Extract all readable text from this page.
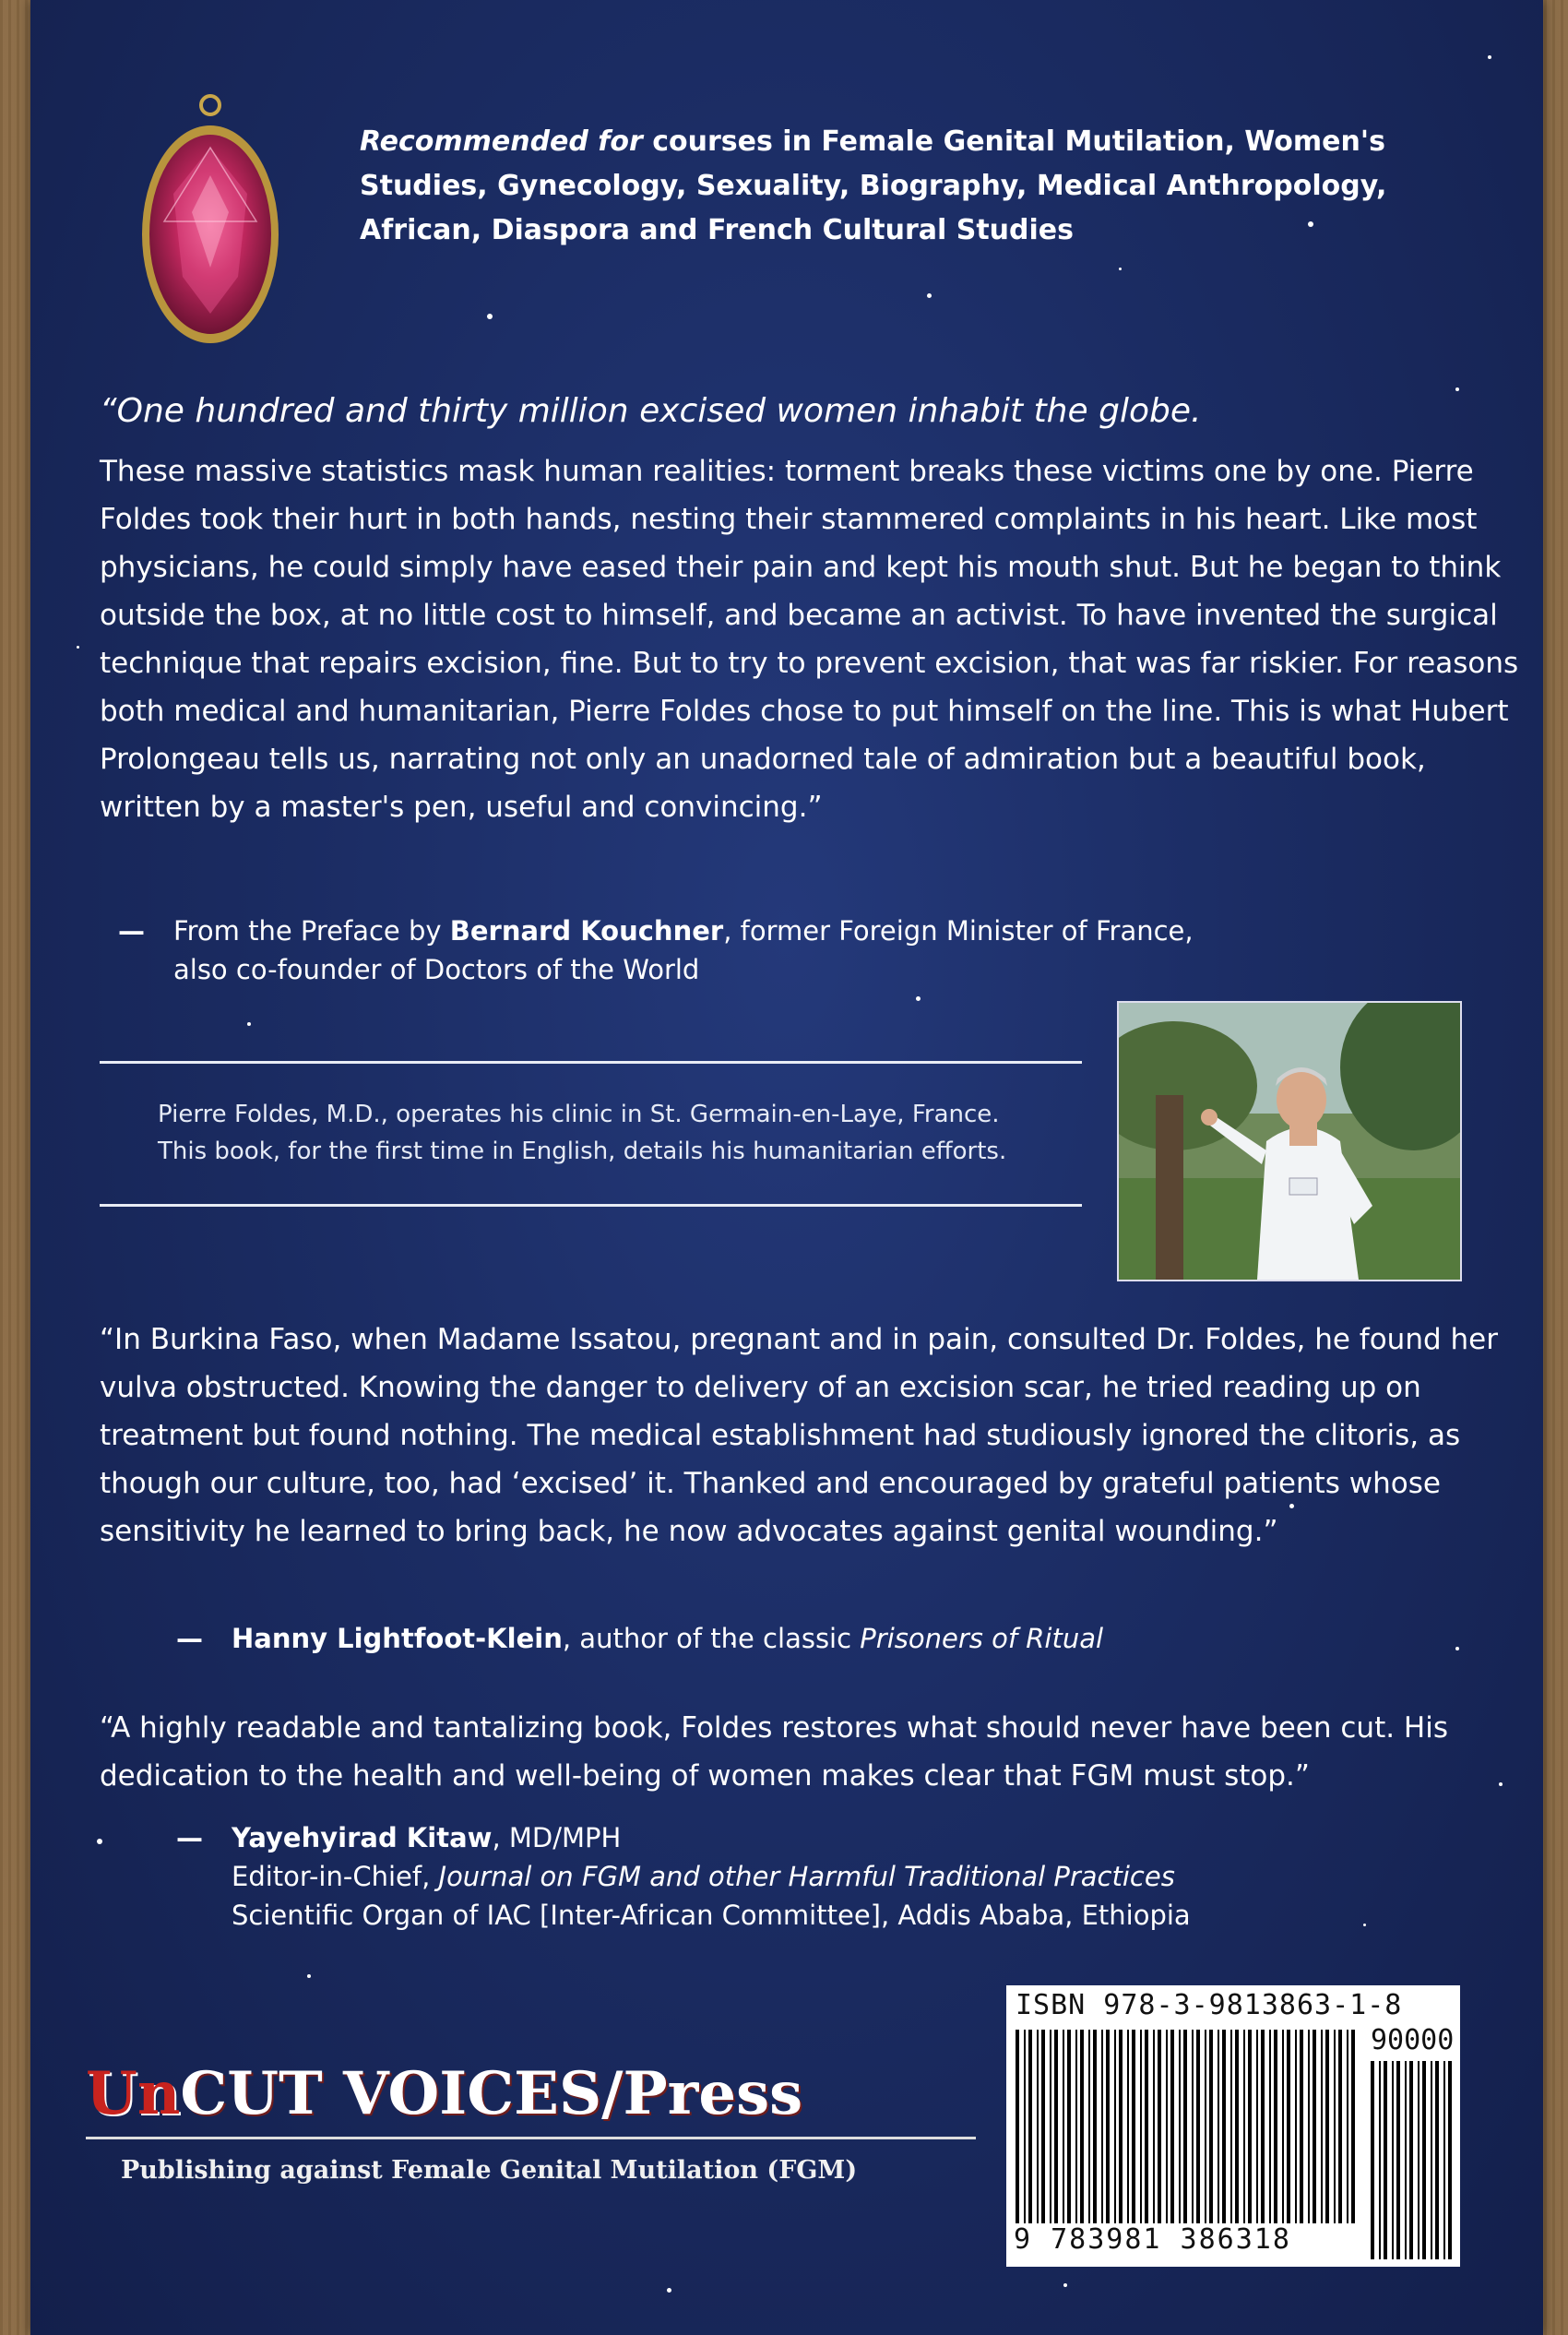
Recommended for courses in Female Genital Mutilation, Women's Studies, Gynecology, Sexuality, Biography, Medical Anthropology, African, Diaspora and French Cultural Studies
“One hundred and thirty million excised women inhabit the globe.
These massive statistics mask human realities: torment breaks these victims one by one. Pierre Foldes took their hurt in both hands, nesting their stammered complaints in his heart. Like most physicians, he could simply have eased their pain and kept his mouth shut. But he began to think outside the box, at no little cost to himself, and became an activist. To have invented the surgical technique that repairs excision, fine. But to try to prevent excision, that was far riskier. For reasons both medical and humanitarian, Pierre Foldes chose to put himself on the line. This is what Hubert Prolongeau tells us, narrating not only an unadorned tale of admiration but a beautiful book, written by a master's pen, useful and convincing.”
— From the Preface by Bernard Kouchner, former Foreign Minister of France,
also co-founder of Doctors of the World
Pierre Foldes, M.D., operates his clinic in St. Germain-en-Laye, France.
This book, for the first time in English, details his humanitarian efforts.
“In Burkina Faso, when Madame Issatou, pregnant and in pain, consulted Dr. Foldes, he found her vulva obstructed. Knowing the danger to delivery of an excision scar, he tried reading up on treatment but found nothing. The medical establishment had studiously ignored the clitoris, as though our culture, too, had ‘excised’ it. Thanked and encouraged by grateful patients whose sensitivity he learned to bring back, he now advocates against genital wounding.”
— Hanny Lightfoot-Klein, author of the classic Prisoners of Ritual
“A highly readable and tantalizing book, Foldes restores what should never have been cut. His dedication to the health and well-being of women makes clear that FGM must stop.”
— Yayehyirad Kitaw, MD/MPH
Editor-in-Chief, Journal on FGM and other Harmful Traditional Practices
Scientific Organ of IAC [Inter-African Committee], Addis Ababa, Ethiopia
ISBN 978-3-9813863-1-8
90000
9 783981 386318
UnCUT VOICES/Press
Publishing against Female Genital Mutilation (FGM)
